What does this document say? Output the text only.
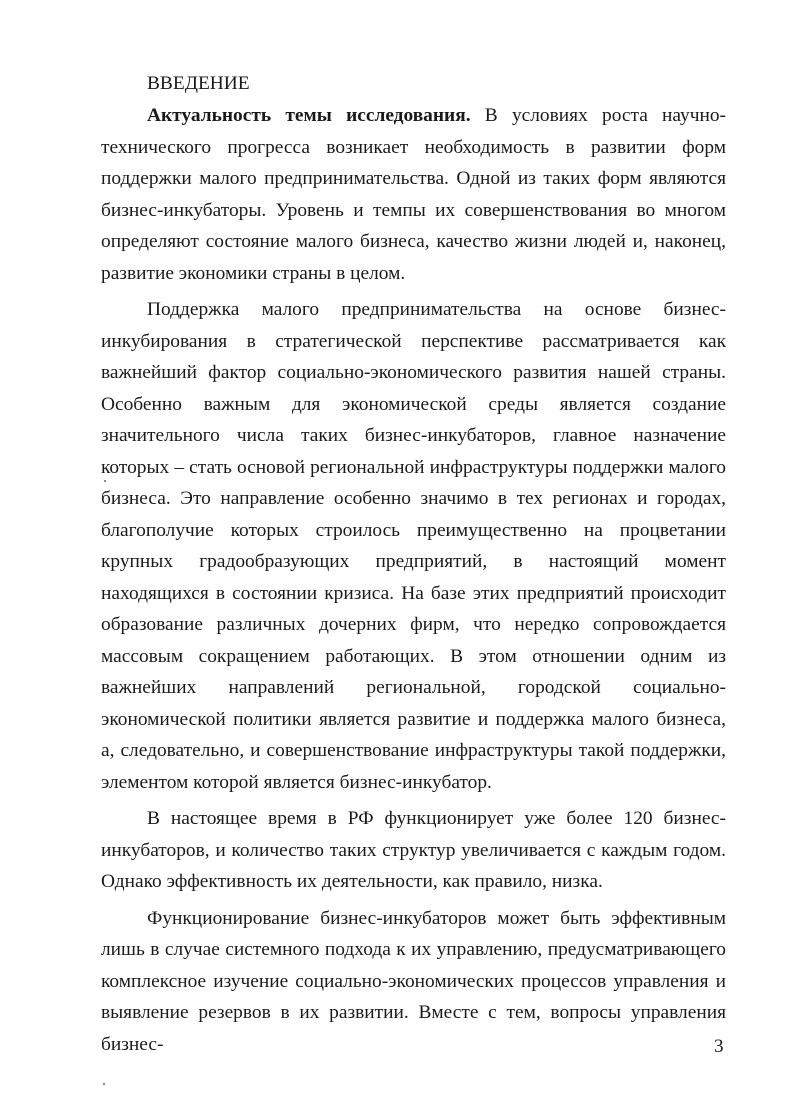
ВВЕДЕНИЕ

Актуальность темы исследования. В условиях роста научно-технического прогресса возникает необходимость в развитии форм поддержки малого предпринимательства. Одной из таких форм являются бизнес-инкубаторы. Уровень и темпы их совершенствования во многом определяют состояние малого бизнеса, качество жизни людей и, наконец, развитие экономики страны в целом.

Поддержка малого предпринимательства на основе бизнес-инкубирования в стратегической перспективе рассматривается как важнейший фактор социально-экономического развития нашей страны. Особенно важным для экономической среды является создание значительного числа таких бизнес-инкубаторов, главное назначение которых – стать основой региональной инфраструктуры поддержки малого бизнеса. Это направление особенно значимо в тех регионах и городах, благополучие которых строилось преимущественно на процветании крупных градообразующих предприятий, в настоящий момент находящихся в состоянии кризиса. На базе этих предприятий происходит образование различных дочерних фирм, что нередко сопровождается массовым сокращением работающих. В этом отношении одним из важнейших направлений региональной, городской социально-экономической политики является развитие и поддержка малого бизнеса, а, следовательно, и совершенствование инфраструктуры такой поддержки, элементом которой является бизнес-инкубатор.

В настоящее время в РФ функционирует уже более 120 бизнес-инкубаторов, и количество таких структур увеличивается с каждым годом. Однако эффективность их деятельности, как правило, низка.

Функционирование бизнес-инкубаторов может быть эффективным лишь в случае системного подхода к их управлению, предусматривающего комплексное изучение социально-экономических процессов управления и выявление резервов в их развитии. Вместе с тем, вопросы управления бизнес-	3
